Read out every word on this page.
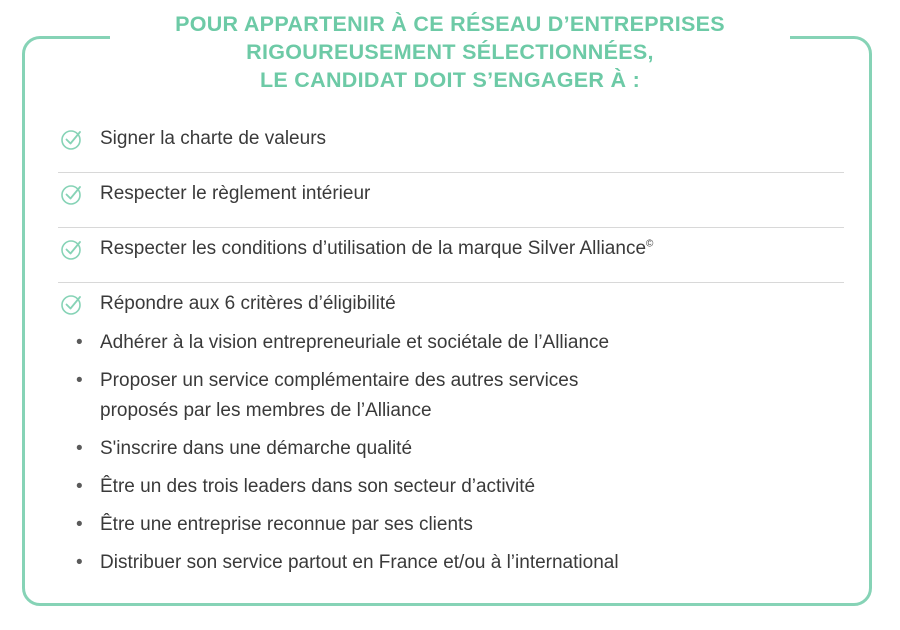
POUR APPARTENIR À CE RÉSEAU D’ENTREPRISES
RIGOUREUSEMENT SÉLECTIONNÉES,
LE CANDIDAT DOIT S’ENGAGER À :
Signer la charte de valeurs
Respecter le règlement intérieur
Respecter les conditions d’utilisation de la marque Silver Alliance©
Répondre aux 6 critères d’éligibilité
• Adhérer à la vision entrepreneuriale et sociétale de l’Alliance
• Proposer un service complémentaire des autres services
proposés par les membres de l’Alliance
• S'inscrire dans une démarche qualité
• Être un des trois leaders dans son secteur d’activité
• Être une entreprise reconnue par ses clients
• Distribuer son service partout en France et/ou à l’international
